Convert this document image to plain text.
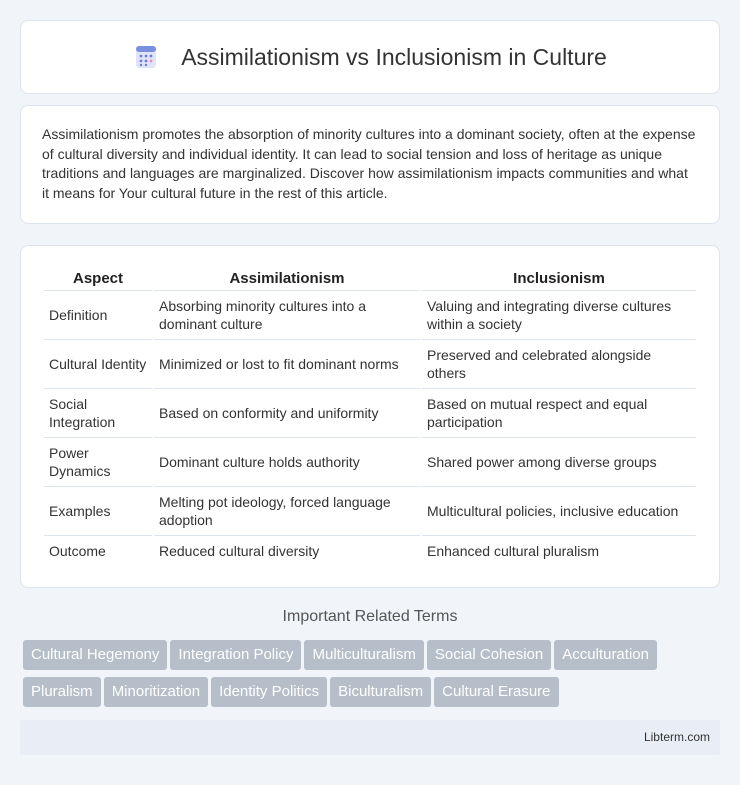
Assimilationism vs Inclusionism in Culture

Assimilationism promotes the absorption of minority cultures into a dominant society, often at the expense of cultural diversity and individual identity. It can lead to social tension and loss of heritage as unique traditions and languages are marginalized. Discover how assimilationism impacts communities and what it means for Your cultural future in the rest of this article.

Aspect	Assimilationism	Inclusionism
Definition	Absorbing minority cultures into a dominant culture	Valuing and integrating diverse cultures within a society
Cultural Identity	Minimized or lost to fit dominant norms	Preserved and celebrated alongside others
Social Integration	Based on conformity and uniformity	Based on mutual respect and equal participation
Power Dynamics	Dominant culture holds authority	Shared power among diverse groups
Examples	Melting pot ideology, forced language adoption	Multicultural policies, inclusive education
Outcome	Reduced cultural diversity	Enhanced cultural pluralism
Important Related Terms
Cultural Hegemony Integration Policy Multiculturalism Social Cohesion Acculturation
Pluralism Minoritization Identity Politics Biculturalism Cultural Erasure
Libterm.com
